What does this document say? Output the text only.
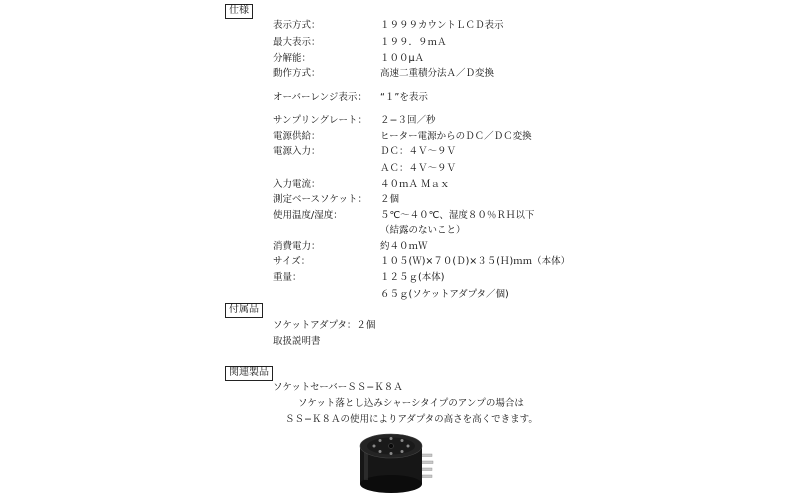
仕様
付属品
関連製品
表示方式：	１９９９カウントＬＣＤ表示
最大表示：	１９９．９ｍＡ
分解能：	１００μＡ
動作方式：	高速二重積分法Ａ／Ｄ変換
オーバーレンジ表示： “１”を表示
サンプリングレート： ２−３回／秒
電源供給：	ヒーター電源からのＤＣ／ＤＣ変換
電源入力：	ＤＣ：４Ｖ〜９Ｖ
ＡＣ：４Ｖ〜９Ｖ
入力電流：	４０ｍＡ Ｍａｘ
測定ベースソケット： ２個
使用温度/湿度：	５℃〜４０℃、湿度８０％ＲＨ以下
（結露のないこと）
消費電力：	約４０ｍＷ
サイズ：	１０５(Ｗ)×７０(Ｄ)×３５(Ｈ)ｍｍ（本体）
重量：	１２５ｇ(本体)
６５ｇ(ソケットアダプタ／個)
ソケットアダプタ：２個
取扱説明書
ソケットセーバーＳＳ−Ｋ８Ａ
ソケット落とし込みシャーシタイプのアンプの場合は
ＳＳ−Ｋ８Ａの使用によりアダプタの高さを高くできます。
